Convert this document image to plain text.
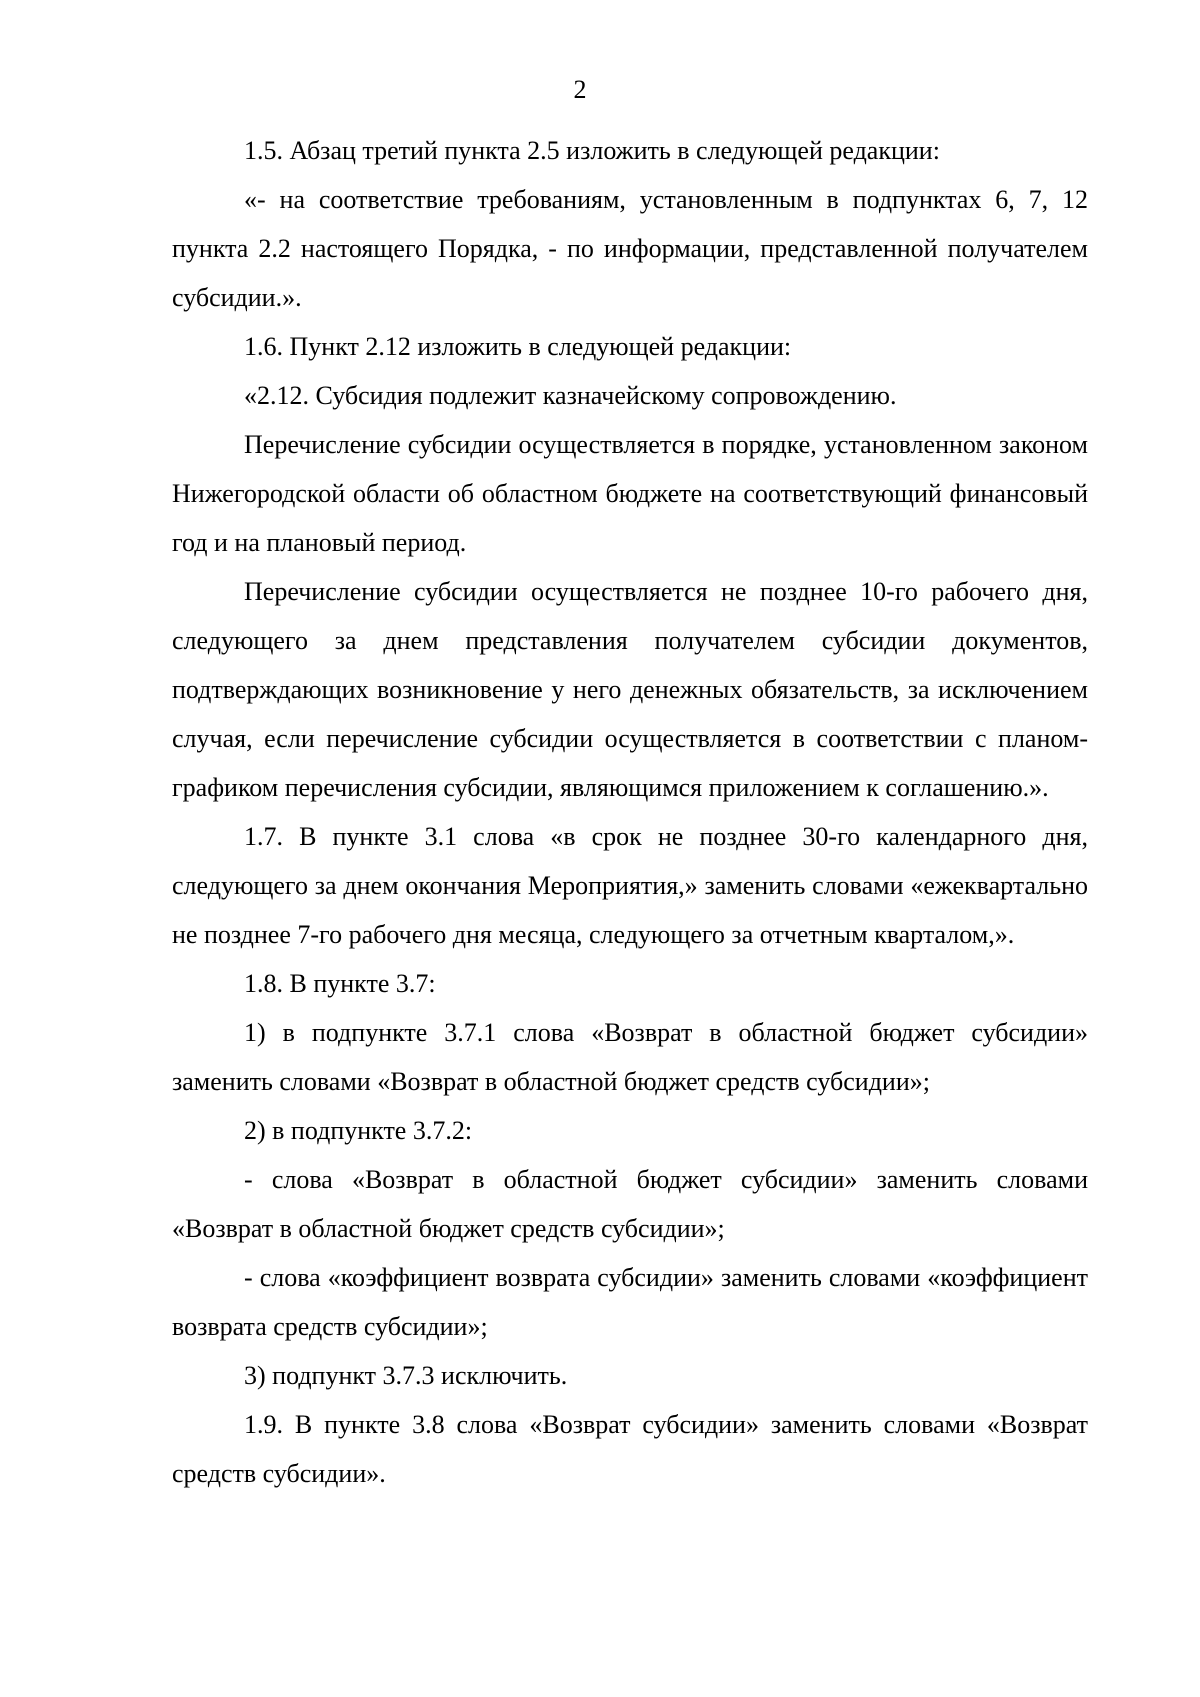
2

1.5. Абзац третий пункта 2.5 изложить в следующей редакции:

«- на соответствие требованиям, установленным в подпунктах 6, 7, 12 пункта 2.2 настоящего Порядка, - по информации, представленной получателем субсидии.».

1.6. Пункт 2.12 изложить в следующей редакции:

«2.12. Субсидия подлежит казначейскому сопровождению.

Перечисление субсидии осуществляется в порядке, установленном законом Нижегородской области об областном бюджете на соответствующий финансовый год и на плановый период.

Перечисление субсидии осуществляется не позднее 10-го рабочего дня, следующего за днем представления получателем субсидии документов, подтверждающих возникновение у него денежных обязательств, за исключением случая, если перечисление субсидии осуществляется в соответствии с планом-графиком перечисления субсидии, являющимся приложением к соглашению.».

1.7. В пункте 3.1 слова «в срок не позднее 30-го календарного дня, следующего за днем окончания Мероприятия,» заменить словами «ежеквартально не позднее 7-го рабочего дня месяца, следующего за отчетным кварталом,».

1.8. В пункте 3.7:

1) в подпункте 3.7.1 слова «Возврат в областной бюджет субсидии» заменить словами «Возврат в областной бюджет средств субсидии»;

2) в подпункте 3.7.2:

- слова «Возврат в областной бюджет субсидии» заменить словами «Возврат в областной бюджет средств субсидии»;

- слова «коэффициент возврата субсидии» заменить словами «коэффициент возврата средств субсидии»;

3) подпункт 3.7.3 исключить.

1.9. В пункте 3.8 слова «Возврат субсидии» заменить словами «Возврат средств субсидии».
